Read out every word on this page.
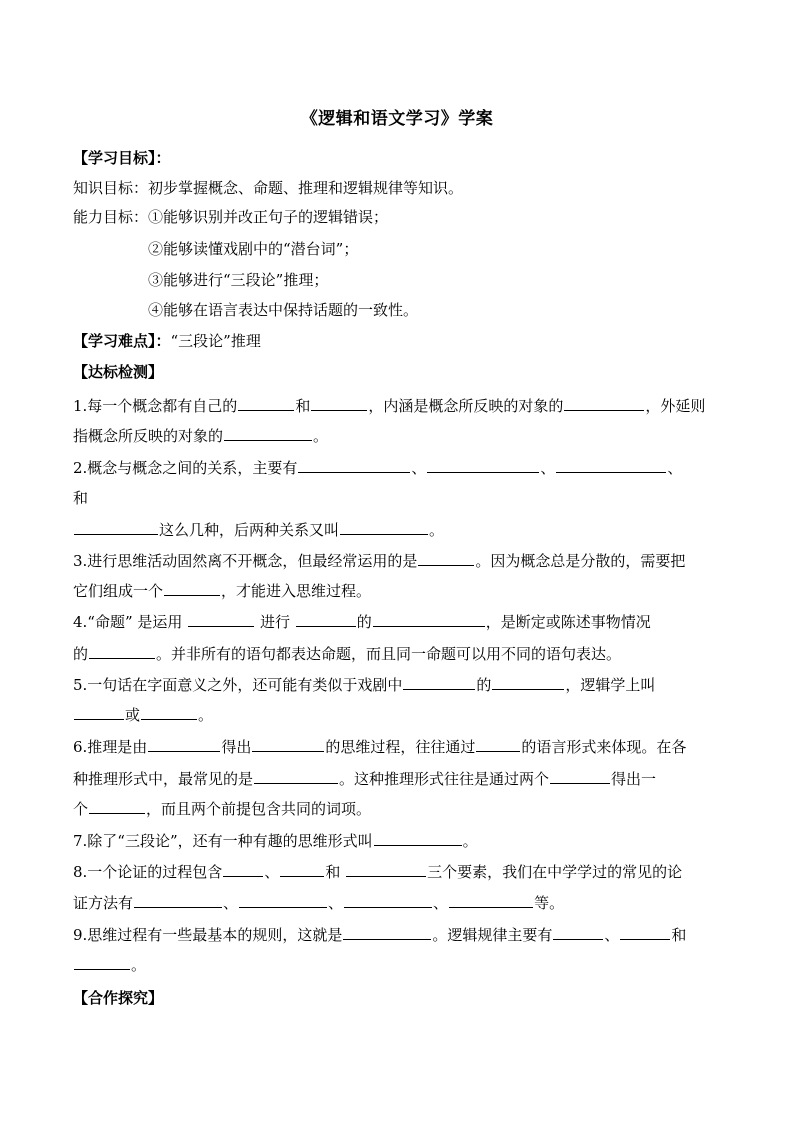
《逻辑和语文学习》学案
【学习目标】：
知识目标：初步掌握概念、命题、推理和逻辑规律等知识。
能力目标：①能够识别并改正句子的逻辑错误；
②能够读懂戏剧中的“潜台词”；
③能够进行“三段论”推理；
④能够在语言表达中保持话题的一致性。
【学习难点】：“三段论”推理
【达标检测】
1.每一个概念都有自己的	和	，内涵是概念所反映的对象的	，外延则
指概念所反映的对象的	。
2.概念与概念之间的关系，主要有	、	、	、
和
这么几种，后两种关系又叫	。
3.进行思维活动固然离不开概念，但最经常运用的是	。因为概念总是分散的，需要把
它们组成一个	，才能进入思维过程。
4.“命题” 是运用	进行	的	，是断定或陈述事物情况
的	。并非所有的语句都表达命题，而且同一命题可以用不同的语句表达。
5.一句话在字面意义之外，还可能有类似于戏剧中	的	，逻辑学上叫
或	。
6.推理是由	得出	的思维过程，往往通过	的语言形式来体现。在各
种推理形式中，最常见的是	。这种推理形式往往是通过两个	得出一
个	，而且两个前提包含共同的词项。
7.除了“三段论”，还有一种有趣的思维形式叫	。
8.一个论证的过程包含	、	和	三个要素，我们在中学学过的常见的论
证方法有	、	、	、	等。
9.思维过程有一些最基本的规则，这就是	。逻辑规律主要有	、	和
。
【合作探究】
